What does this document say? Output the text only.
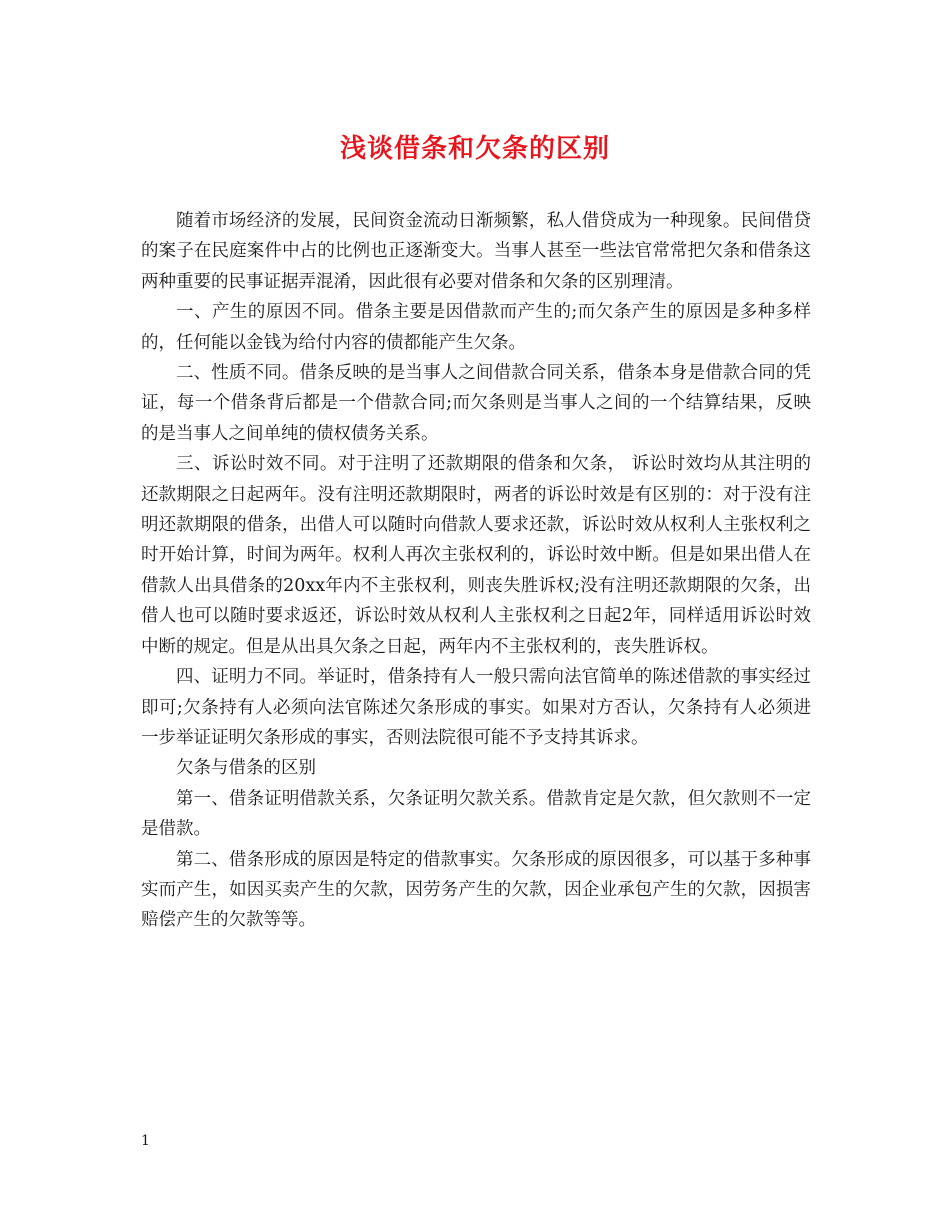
浅谈借条和欠条的区别

随着市场经济的发展，民间资金流动日渐频繁，私人借贷成为一种现象。民间借贷的案子在民庭案件中占的比例也正逐渐变大。当事人甚至一些法官常常把欠条和借条这两种重要的民事证据弄混淆，因此很有必要对借条和欠条的区别理清。

一、产生的原因不同。借条主要是因借款而产生的;而欠条产生的原因是多种多样的，任何能以金钱为给付内容的债都能产生欠条。

二、性质不同。借条反映的是当事人之间借款合同关系，借条本身是借款合同的凭证，每一个借条背后都是一个借款合同;而欠条则是当事人之间的一个结算结果，反映的是当事人之间单纯的债权债务关系。

三、诉讼时效不同。对于注明了还款期限的借条和欠条， 诉讼时效均从其注明的还款期限之日起两年。没有注明还款期限时，两者的诉讼时效是有区别的：对于没有注明还款期限的借条，出借人可以随时向借款人要求还款，诉讼时效从权利人主张权利之时开始计算，时间为两年。权利人再次主张权利的，诉讼时效中断。但是如果出借人在借款人出具借条的20xx年内不主张权利，则丧失胜诉权;没有注明还款期限的欠条，出借人也可以随时要求返还，诉讼时效从权利人主张权利之日起2年，同样适用诉讼时效中断的规定。但是从出具欠条之日起，两年内不主张权利的，丧失胜诉权。

四、证明力不同。举证时，借条持有人一般只需向法官简单的陈述借款的事实经过即可;欠条持有人必须向法官陈述欠条形成的事实。如果对方否认，欠条持有人必须进一步举证证明欠条形成的事实，否则法院很可能不予支持其诉求。

欠条与借条的区别

第一、借条证明借款关系，欠条证明欠款关系。借款肯定是欠款，但欠款则不一定是借款。

第二、借条形成的原因是特定的借款事实。欠条形成的原因很多，可以基于多种事实而产生，如因买卖产生的欠款，因劳务产生的欠款，因企业承包产生的欠款，因损害赔偿产生的欠款等等。

1
